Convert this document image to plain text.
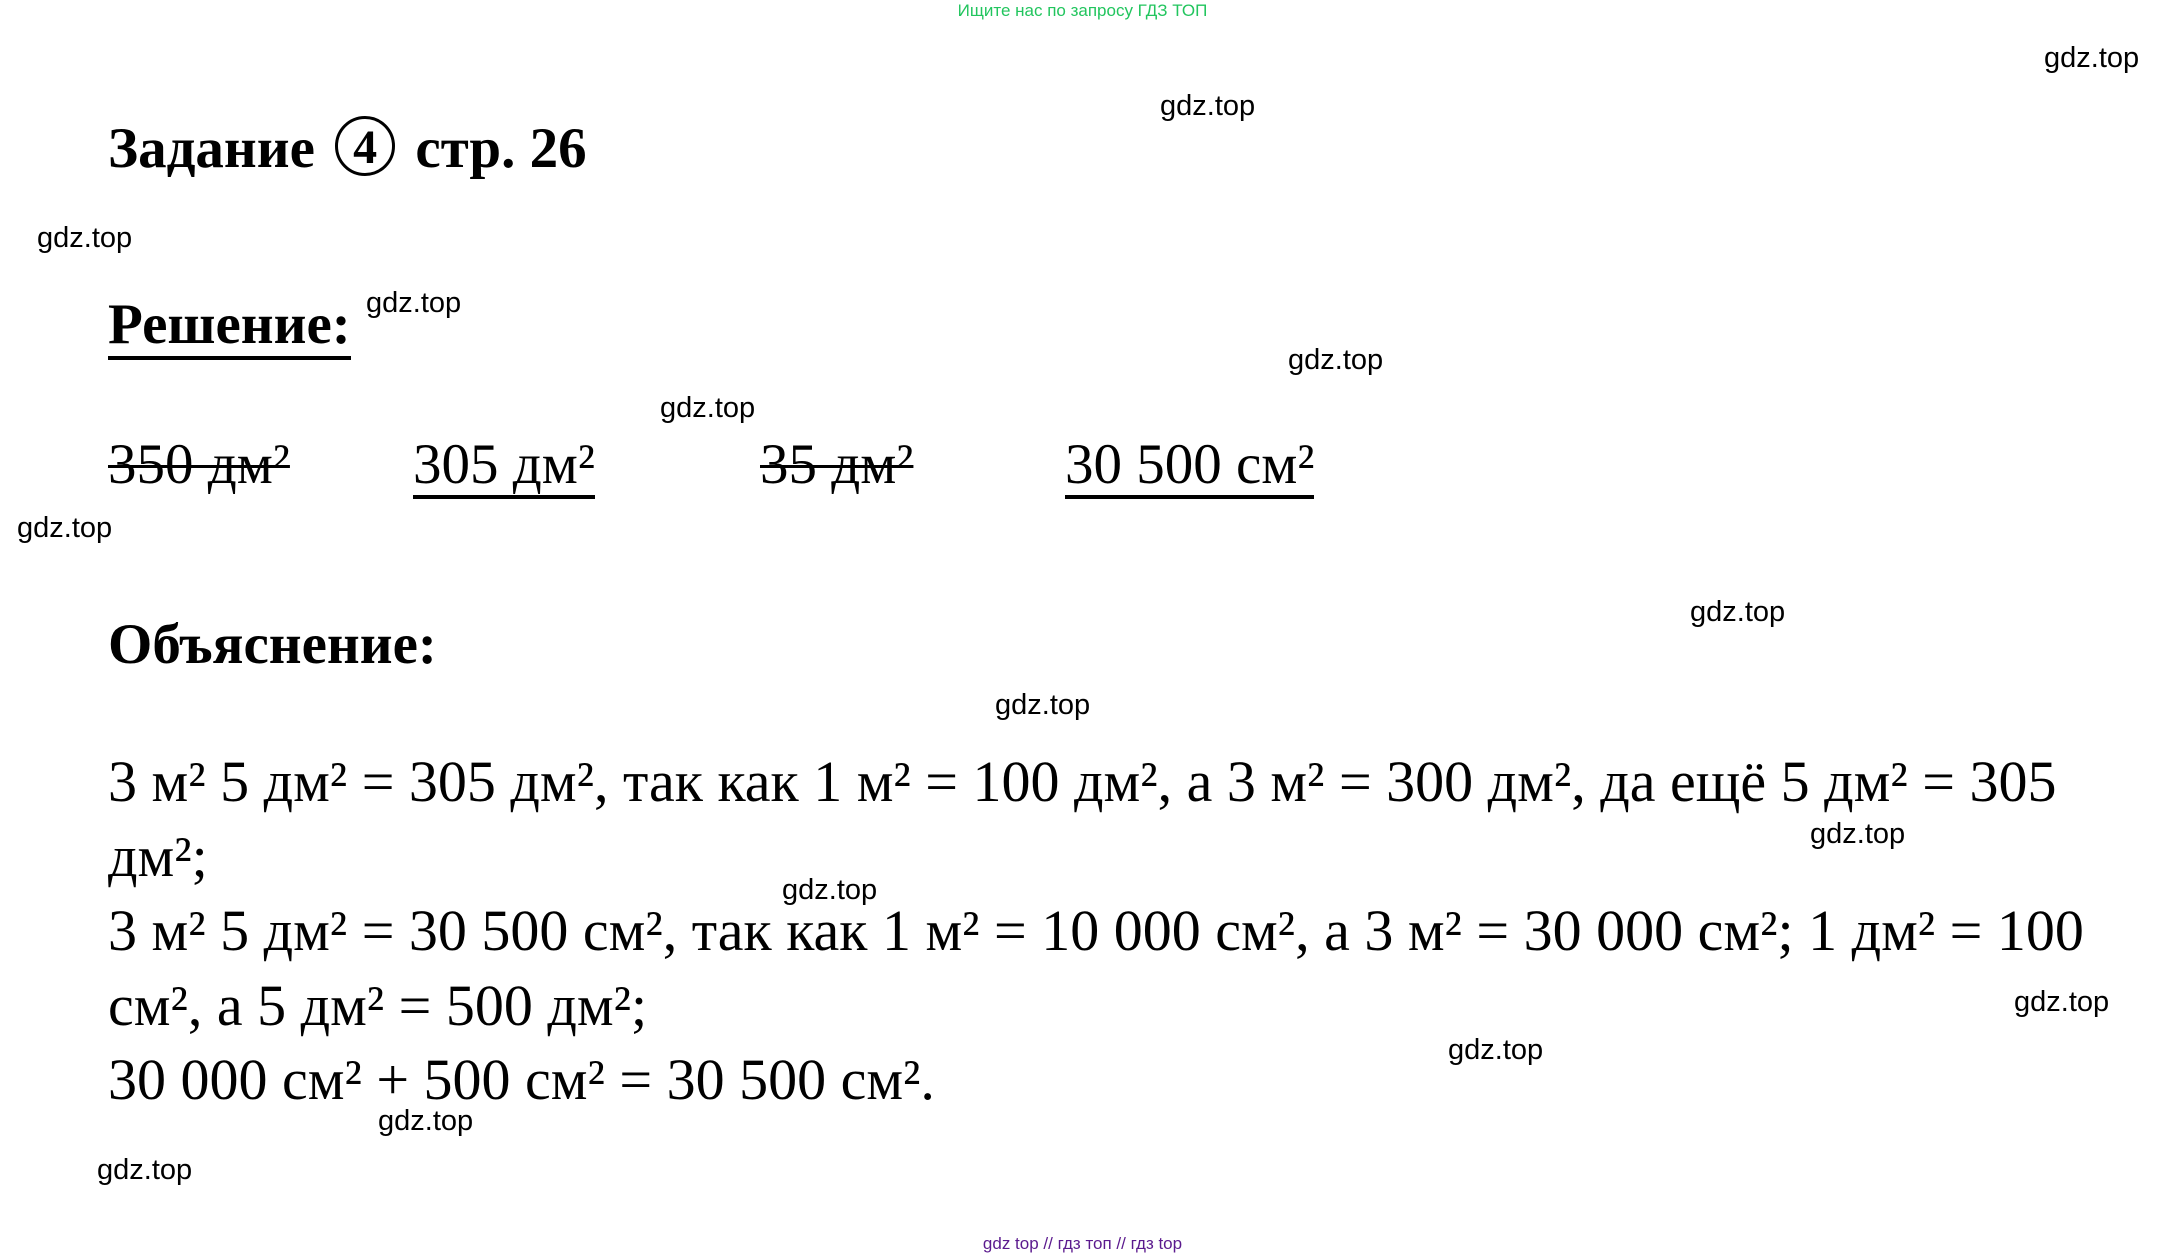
Ищите нас по запросу ГДЗ ТОП
gdz.top
gdz.top
gdz.top
gdz.top
gdz.top
gdz.top
gdz.top
gdz.top
gdz.top
gdz.top
gdz.top
gdz.top
gdz.top
gdz.top
gdz.top
Задание 4 стр. 26
Решение:
350 дм² 305 дм²	35 дм²	30 500 см²
Объяснение:

3 м² 5 дм² = 305 дм², так как 1 м² = 100 дм², а 3 м² = 300 дм², да ещё 5 дм² = 305 дм²;

3 м² 5 дм² = 30 500 см², так как 1 м² = 10 000 см², а 3 м² = 30 000 см²; 1 дм² = 100 см², а 5 дм² = 500 дм²;

30 000 см² + 500 см² = 30 500 см².

gdz top // гдз топ // гдз top
